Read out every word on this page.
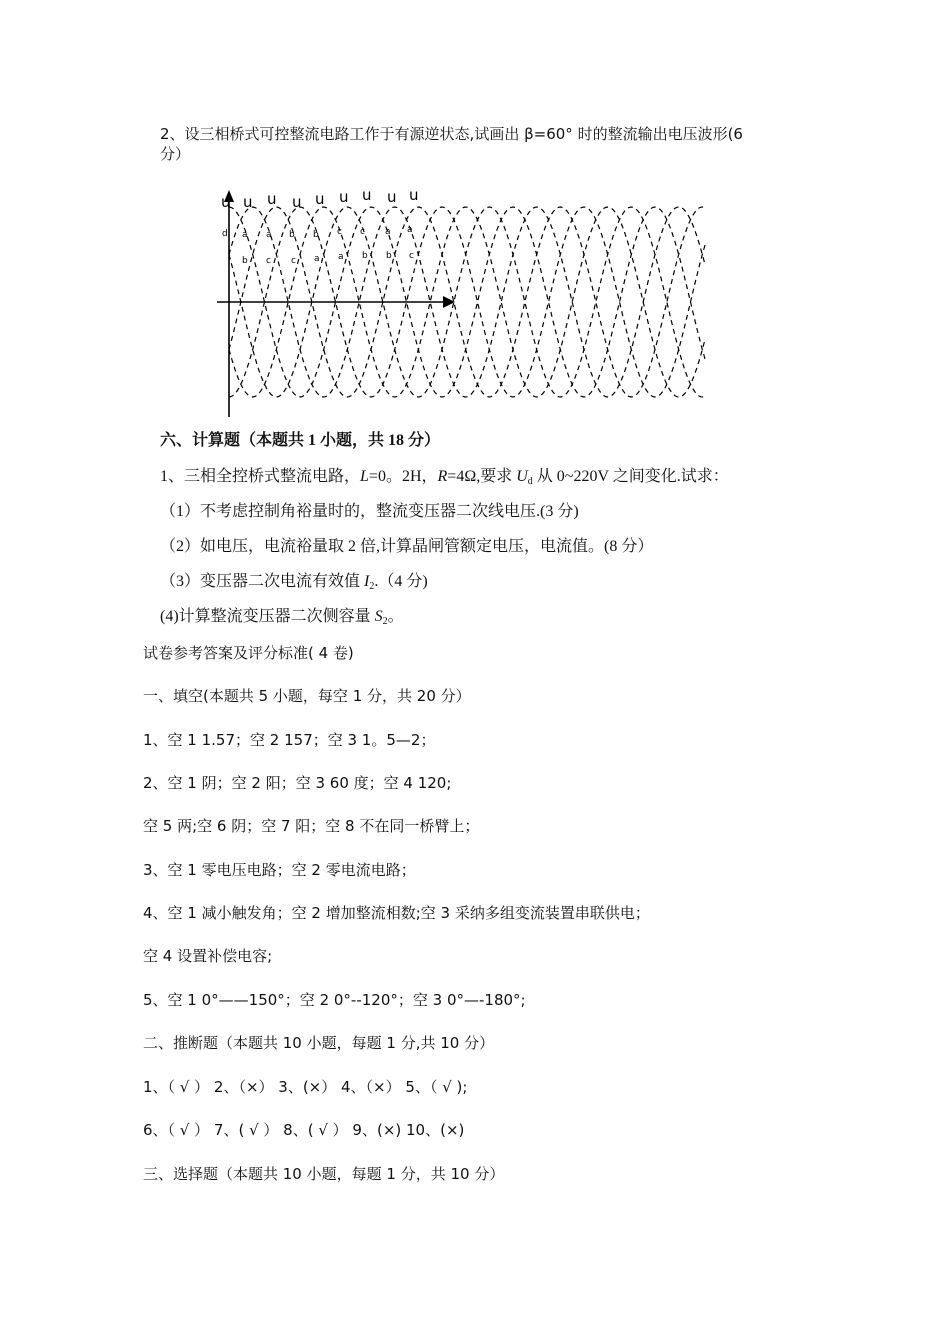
2、设三相桥式可控整流电路工作于有源逆状态,试画出 β=60° 时的整流输出电压波形(6
分）
u u u u u u u u u
d a a b b c c a a
b c c a a b b c
六、计算题（本题共 1 小题，共 18 分）
1、三相全控桥式整流电路，L=0。2H，R=4Ω,要求 $U_d$ 从 0~220V 之间变化.试求：
（1）不考虑控制角裕量时的，整流变压器二次线电压.(3 分)
（2）如电压，电流裕量取 2 倍,计算晶闸管额定电压，电流值。(8 分）
（3）变压器二次电流有效值 $I_2.(4$ 分)
(4)计算整流变压器二次侧容量 $S_2$。
试卷参考答案及评分标准( 4 卷)
一、填空(本题共 5 小题，每空 1 分，共 20 分）
1、空 1 1.57；空 2 157；空 3 1。5—2；
2、空 1 阴；空 2 阳；空 3 60 度；空 4 120;
空 5 两;空 6 阴；空 7 阳；空 8 不在同一桥臂上；
3、空 1 零电压电路；空 2 零电流电路；
4、空 1 减小触发角；空 2 增加整流相数;空 3 采纳多组变流装置串联供电；
空 4 设置补偿电容;
5、空 1 0°——150°；空 2 0°--120°；空 3 0°—-180°;
二、推断题（本题共 10 小题，每题 1 分,共 10 分）
1、（ √ ） 2、（×） 3、(×） 4、（×） 5、（ √ );
6、（ √ ） 7、( √ ） 8、( √ ） 9、(×) 10、(×)
三、选择题（本题共 10 小题，每题 1 分，共 10 分）
